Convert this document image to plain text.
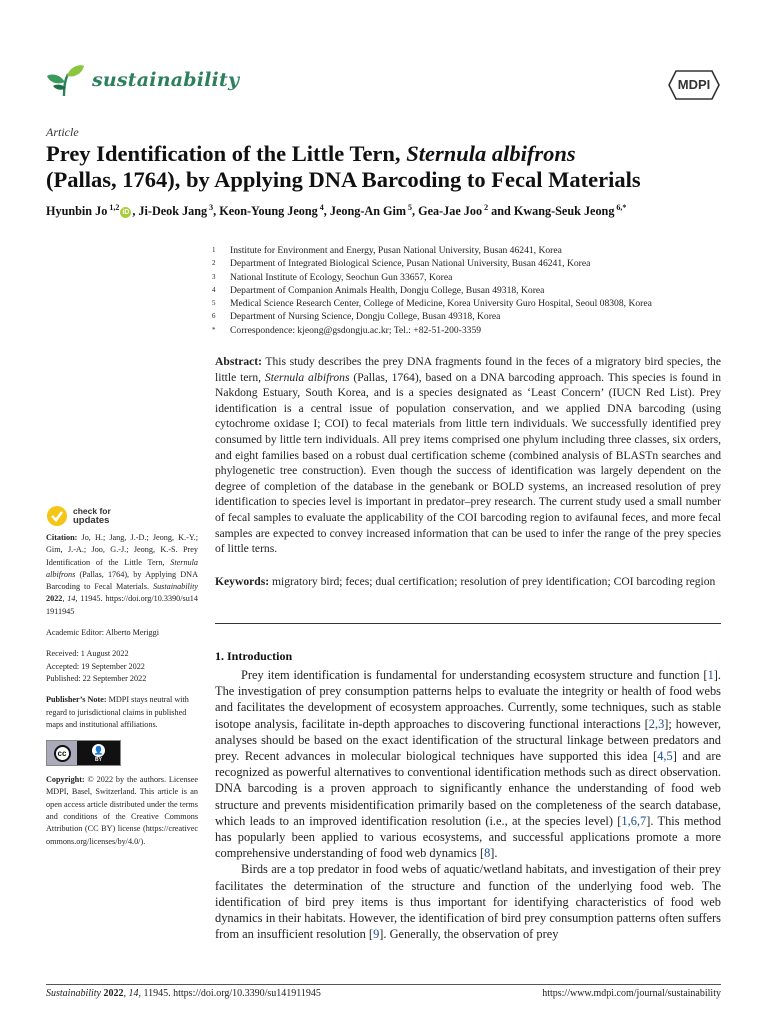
sustainability	MDPI
Article
Prey Identification of the Little Tern, Sternula albifrons
(Pallas, 1764), by Applying DNA Barcoding to Fecal Materials
Hyunbin Jo $^{1,2}$iD , Ji-Deok Jang $^3$, Keon-Young Jeong $^4$, Jeong-An Gim $^5$, Gea-Jae Joo $^2$ and Kwang-Seuk Jeong $^{6,*}$
1	Institute for Environment and Energy, Pusan National University, Busan 46241, Korea
2	Department of Integrated Biological Science, Pusan National University, Busan 46241, Korea
3	National Institute of Ecology, Seochun Gun 33657, Korea
4	Department of Companion Animals Health, Dongju College, Busan 49318, Korea
5	Medical Science Research Center, College of Medicine, Korea University Guro Hospital, Seoul 08308, Korea
6	Department of Nursing Science, Dongju College, Busan 49318, Korea
*	Correspondence: kjeong@gsdongju.ac.kr; Tel.: +82-51-200-3359
Abstract: This study describes the prey DNA fragments found in the feces of a migratory bird species, the little tern, Sternula albifrons (Pallas, 1764), based on a DNA barcoding approach. This species is found in Nakdong Estuary, South Korea, and is a species designated as ‘Least Concern’ (IUCN Red List). Prey identification is a central issue of population conservation, and we applied DNA barcoding (using cytochrome oxidase I; COI) to fecal materials from little tern individuals. We successfully identified prey consumed by little tern individuals. All prey items comprised one phylum including three classes, six orders, and eight families based on a robust dual certification scheme (combined analysis of BLASTn searches and phylogenetic tree construction). Even though the success of identification was largely dependent on the degree of completion of the database in the genebank or BOLD systems, an increased resolution of prey identification to species level is important in predator–prey research. The current study used a small number of fecal samples to evaluate the applicability of the COI barcoding region to avifaunal feces, and more fecal samples are expected to convey increased information that can be used to infer the range of the prey species of little terns.
Keywords: migratory bird; feces; dual certification; resolution of prey identification; COI barcoding region
check for
updates

Citation: Jo, H.; Jang, J.-D.; Jeong, K.-Y.; Gim, J.-A.; Joo, G.-J.; Jeong, K.-S. Prey Identification of the Little Tern, Sternula albifrons (Pallas, 1764), by Applying DNA Barcoding to Fecal Materials. Sustainability 2022, 14, 11945. https://doi.org/10.3390/su141911945

Academic Editor: Alberto Meriggi

Received: 1 August 2022
Accepted: 19 September 2022
Published: 22 September 2022

Publisher’s Note: MDPI stays neutral with regard to jurisdictional claims in published maps and institutional affiliations.

cc	👤
BY

Copyright: © 2022 by the authors. Licensee MDPI, Basel, Switzerland. This article is an open access article distributed under the terms and conditions of the Creative Commons Attribution (CC BY) license (https://creativecommons.org/licenses/by/4.0/).

1. Introduction

Prey item identification is fundamental for understanding ecosystem structure and function [1]. The investigation of prey consumption patterns helps to evaluate the integrity or health of food webs and facilitates the development of ecosystem approaches. Currently, some techniques, such as stable isotope analysis, facilitate in-depth approaches to discovering functional interactions [2,3]; however, analyses should be based on the exact identification of the structural linkage between predators and prey. Recent advances in molecular biological techniques have supported this idea [4,5] and are recognized as powerful alternatives to conventional identification methods such as direct observation. DNA barcoding is a proven approach to significantly enhance the understanding of food web structure and prevents misidentification primarily based on the completeness of the search database, which leads to an improved identification resolution (i.e., at the species level) [1,6,7]. This method has popularly been applied to various ecosystems, and successful applications promote a more comprehensive understanding of food web dynamics [8].

Birds are a top predator in food webs of aquatic/wetland habitats, and investigation of their prey facilitates the determination of the structure and function of the underlying food web. The identification of bird prey items is thus important for identifying characteristics of food web dynamics in their habitats. However, the identification of bird prey consumption patterns often suffers from an insufficient resolution [9]. Generally, the observation of prey

Sustainability 2022, 14, 11945. https://doi.org/10.3390/su141911945	https://www.mdpi.com/journal/sustainability
